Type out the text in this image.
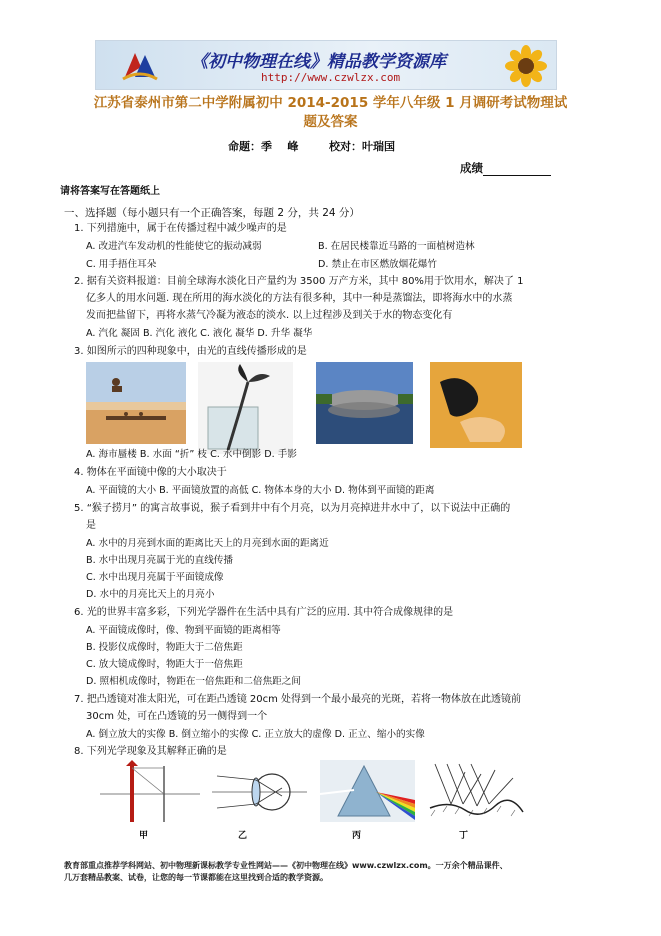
《初中物理在线》精品教学资源库
http://www.czwlzx.com
江苏省泰州市第二中学附属初中 2014-2015 学年八年级 1 月调研考试物理试
题及答案
命题：季    峰        校对：叶瑞国
成绩
请将答案写在答题纸上
一、选择题（每小题只有一个正确答案，每题 2 分，共 24 分）
1. 下列措施中，属于在传播过程中减少噪声的是
A. 改进汽车发动机的性能使它的振动减弱	B. 在居民楼靠近马路的一面植树造林
C. 用手捂住耳朵	D. 禁止在市区燃放烟花爆竹
2. 据有关资料报道：目前全球海水淡化日产量约为 3500 万产方米，其中 80%用于饮用水，解决了 1
亿多人的用水问题. 现在所用的海水淡化的方法有很多种，其中一种是蒸馏法，即将海水中的水蒸
发而把盐留下，再将水蒸气冷凝为液态的淡水. 以上过程涉及到关于水的物态变化有
A. 汽化 凝固 B. 汽化 液化 C. 液化 凝华 D. 升华 凝华
3. 如图所示的四种现象中，由光的直线传播形成的是
A. 海市蜃楼 B. 水面 “折” 枝 C. 水中倒影 D. 手影
4. 物体在平面镜中像的大小取决于
A. 平面镜的大小 B. 平面镜放置的高低 C. 物体本身的大小 D. 物体到平面镜的距离
5. “猴子捞月” 的寓言故事说，猴子看到井中有个月亮，以为月亮掉进井水中了，以下说法中正确的
是
A. 水中的月亮到水面的距离比天上的月亮到水面的距离近
B. 水中出现月亮属于光的直线传播
C. 水中出现月亮属于平面镜成像
D. 水中的月亮比天上的月亮小
6. 光的世界丰富多彩，下列光学器件在生活中具有广泛的应用. 其中符合成像规律的是
A. 平面镜成像时，像、物到平面镜的距离相等
B. 投影仪成像时，物距大于二倍焦距
C. 放大镜成像时，物距大于一倍焦距
D. 照相机成像时，物距在一倍焦距和二倍焦距之间
7. 把凸透镜对准太阳光，可在距凸透镜 20cm 处得到一个最小最亮的光斑，若将一物体放在此透镜前
30cm 处，可在凸透镜的另一侧得到一个
A. 倒立放大的实像 B. 倒立缩小的实像 C. 正立放大的虚像 D. 正立、缩小的实像
8. 下列光学现象及其解释正确的是
甲	乙	丙	丁
教育部重点推荐学科网站、初中物理新课标教学专业性网站——《初中物理在线》www.czwlzx.com。一万余个精品课件、
几万套精品教案、试卷，让您的每一节课都能在这里找到合适的教学资源。
